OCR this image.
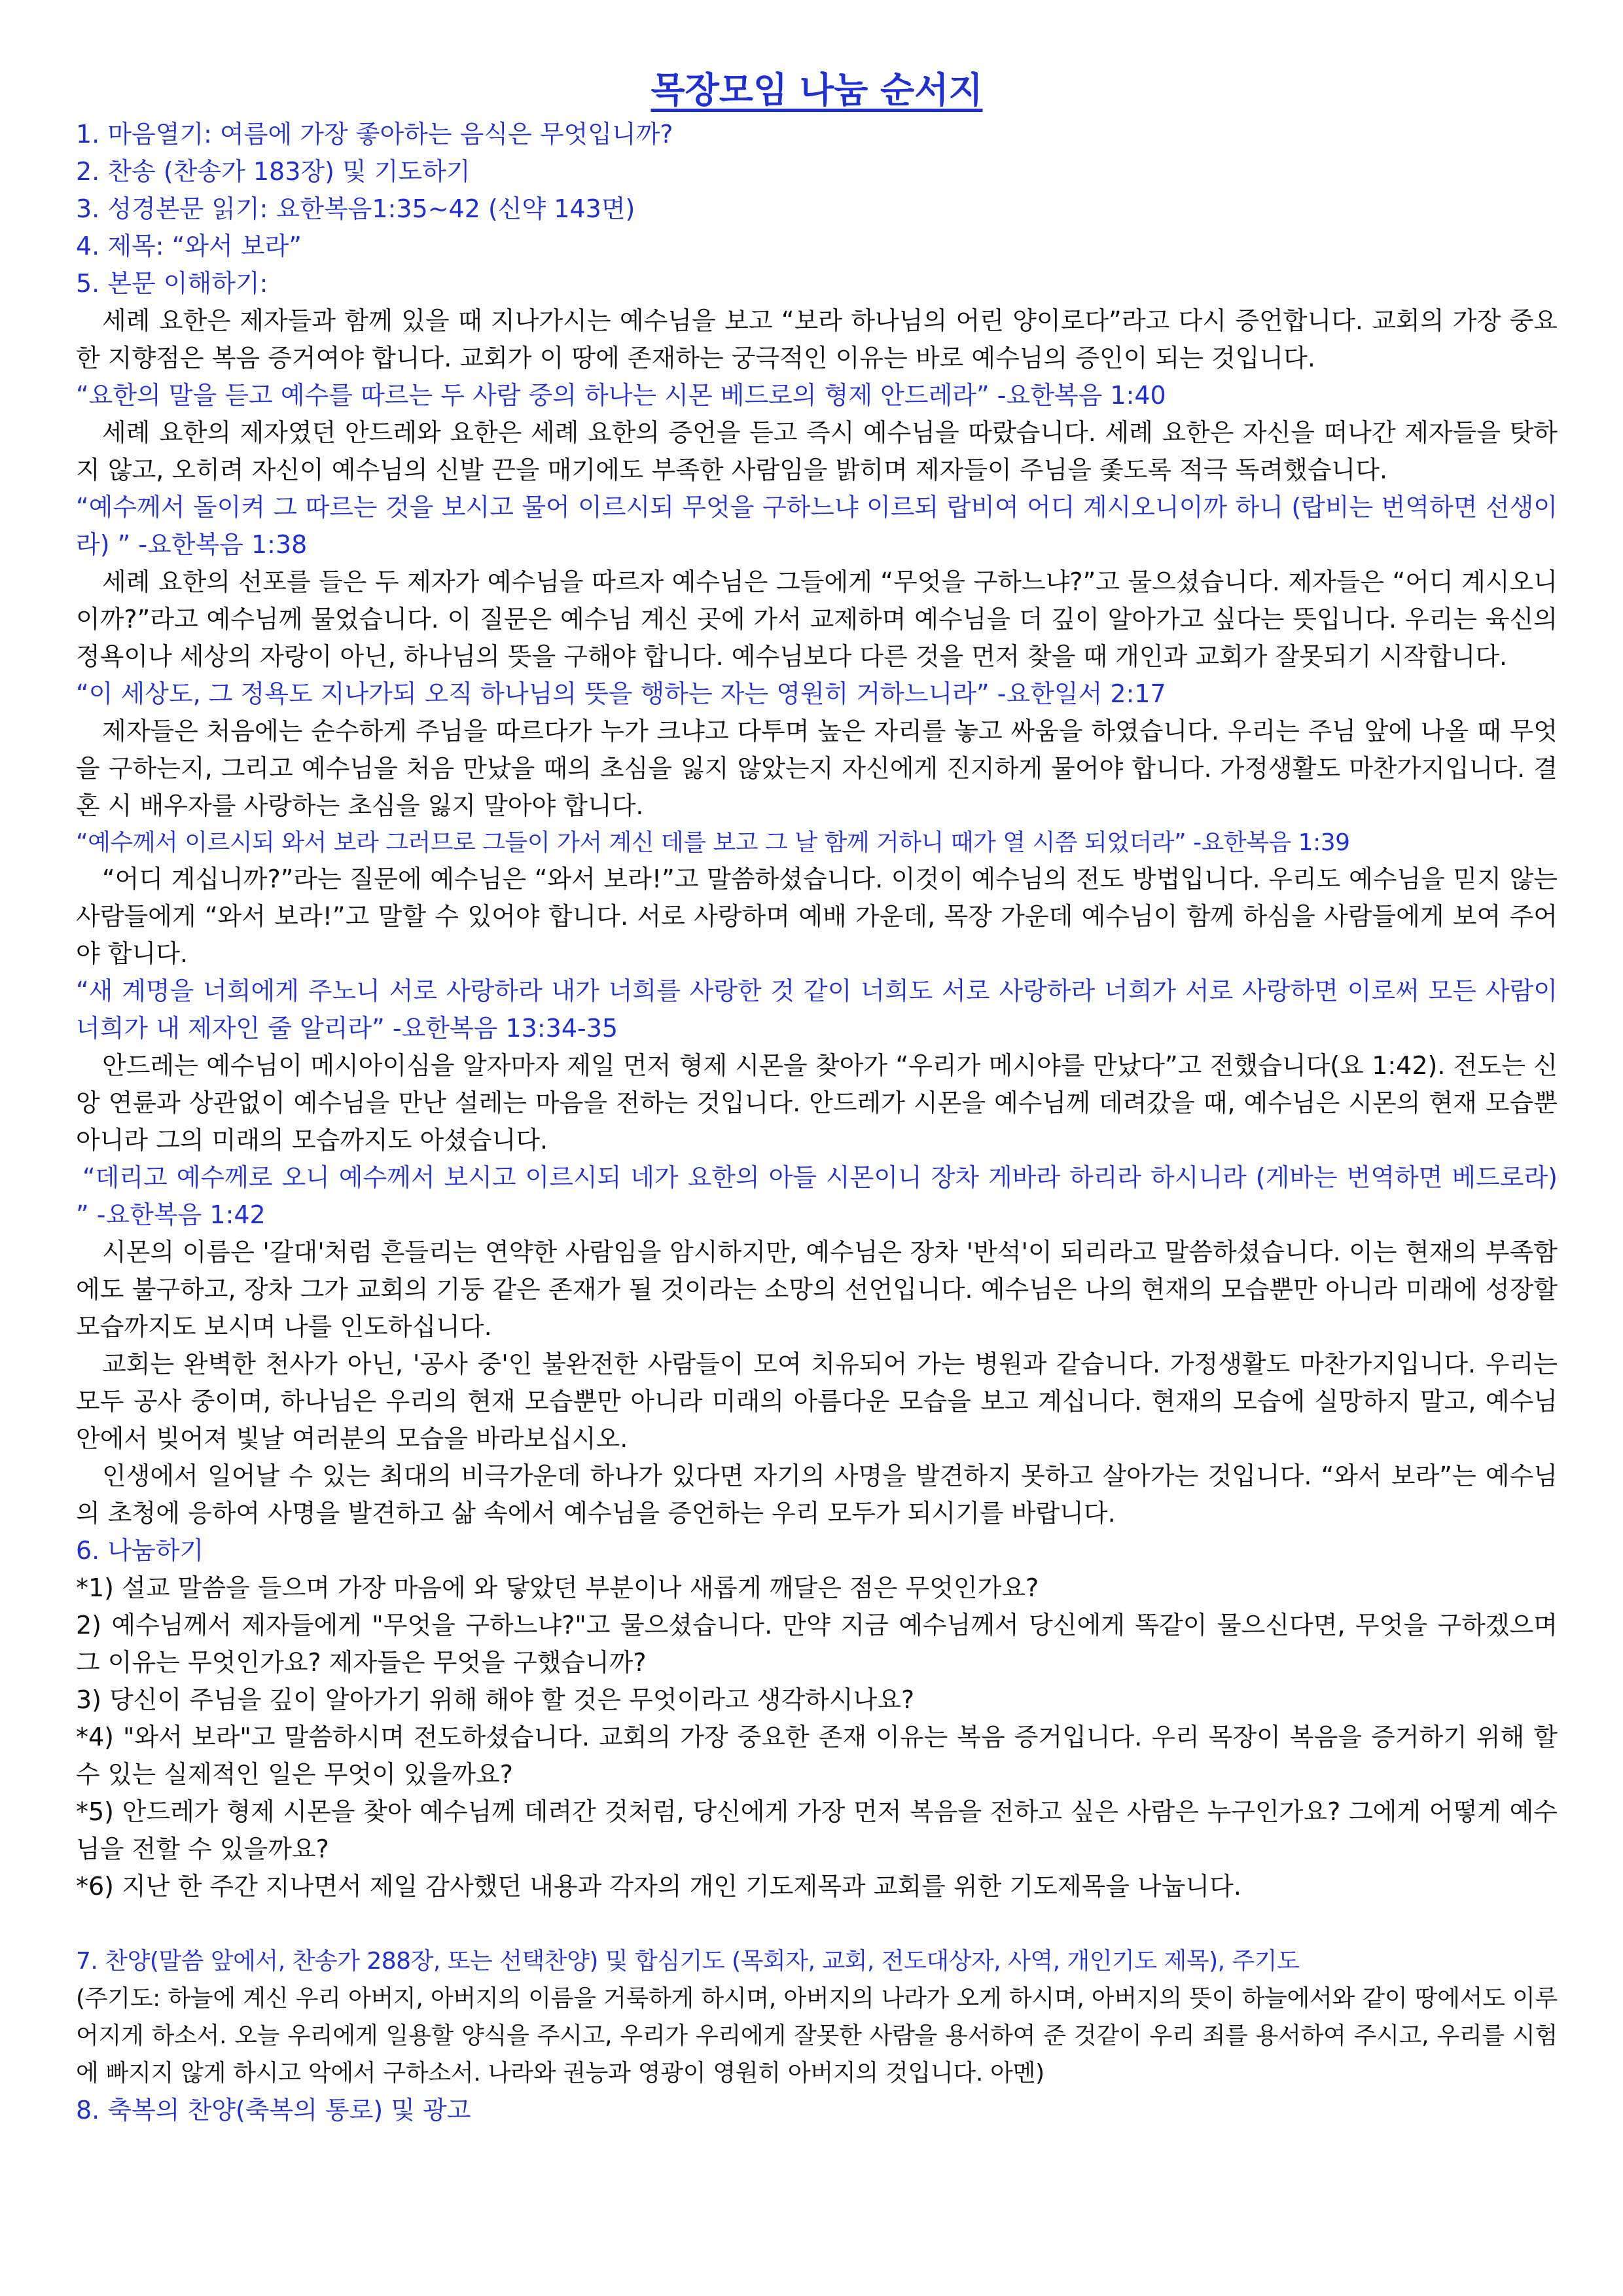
목장모임 나눔 순서지

1. 마음열기: 여름에 가장 좋아하는 음식은 무엇입니까?

2. 찬송 (찬송가 183장) 및 기도하기

3. 성경본문 읽기: 요한복음1:35~42 (신약 143면)

4. 제목: “와서 보라”

5. 본문 이해하기:

세례 요한은 제자들과 함께 있을 때 지나가시는 예수님을 보고 “보라 하나님의 어린 양이로다”라고 다시 증언합니다. 교회의 가장 중요한 지향점은 복음 증거여야 합니다. 교회가 이 땅에 존재하는 궁극적인 이유는 바로 예수님의 증인이 되는 것입니다.

“요한의 말을 듣고 예수를 따르는 두 사람 중의 하나는 시몬 베드로의 형제 안드레라” -요한복음 1:40

세례 요한의 제자였던 안드레와 요한은 세례 요한의 증언을 듣고 즉시 예수님을 따랐습니다. 세례 요한은 자신을 떠나간 제자들을 탓하지 않고, 오히려 자신이 예수님의 신발 끈을 매기에도 부족한 사람임을 밝히며 제자들이 주님을 좇도록 적극 독려했습니다.

“예수께서 돌이켜 그 따르는 것을 보시고 물어 이르시되 무엇을 구하느냐 이르되 랍비여 어디 계시오니이까 하니 (랍비는 번역하면 선생이라) ” -요한복음 1:38

세례 요한의 선포를 들은 두 제자가 예수님을 따르자 예수님은 그들에게 “무엇을 구하느냐?”고 물으셨습니다. 제자들은 “어디 계시오니이까?”라고 예수님께 물었습니다. 이 질문은 예수님 계신 곳에 가서 교제하며 예수님을 더 깊이 알아가고 싶다는 뜻입니다. 우리는 육신의 정욕이나 세상의 자랑이 아닌, 하나님의 뜻을 구해야 합니다. 예수님보다 다른 것을 먼저 찾을 때 개인과 교회가 잘못되기 시작합니다.

“이 세상도, 그 정욕도 지나가되 오직 하나님의 뜻을 행하는 자는 영원히 거하느니라” -요한일서 2:17

제자들은 처음에는 순수하게 주님을 따르다가 누가 크냐고 다투며 높은 자리를 놓고 싸움을 하였습니다. 우리는 주님 앞에 나올 때 무엇을 구하는지, 그리고 예수님을 처음 만났을 때의 초심을 잃지 않았는지 자신에게 진지하게 물어야 합니다. 가정생활도 마찬가지입니다. 결혼 시 배우자를 사랑하는 초심을 잃지 말아야 합니다.

“예수께서 이르시되 와서 보라 그러므로 그들이 가서 계신 데를 보고 그 날 함께 거하니 때가 열 시쯤 되었더라” -요한복음 1:39

“어디 계십니까?”라는 질문에 예수님은 “와서 보라!”고 말씀하셨습니다. 이것이 예수님의 전도 방법입니다. 우리도 예수님을 믿지 않는 사람들에게 “와서 보라!”고 말할 수 있어야 합니다. 서로 사랑하며 예배 가운데, 목장 가운데 예수님이 함께 하심을 사람들에게 보여 주어야 합니다.

“새 계명을 너희에게 주노니 서로 사랑하라 내가 너희를 사랑한 것 같이 너희도 서로 사랑하라 너희가 서로 사랑하면 이로써 모든 사람이 너희가 내 제자인 줄 알리라” -요한복음 13:34-35

안드레는 예수님이 메시아이심을 알자마자 제일 먼저 형제 시몬을 찾아가 “우리가 메시야를 만났다”고 전했습니다(요 1:42). 전도는 신앙 연륜과 상관없이 예수님을 만난 설레는 마음을 전하는 것입니다. 안드레가 시몬을 예수님께 데려갔을 때, 예수님은 시몬의 현재 모습뿐 아니라 그의 미래의 모습까지도 아셨습니다.

“데리고 예수께로 오니 예수께서 보시고 이르시되 네가 요한의 아들 시몬이니 장차 게바라 하리라 하시니라 (게바는 번역하면 베드로라) ” -요한복음 1:42

시몬의 이름은 '갈대'처럼 흔들리는 연약한 사람임을 암시하지만, 예수님은 장차 '반석'이 되리라고 말씀하셨습니다. 이는 현재의 부족함에도 불구하고, 장차 그가 교회의 기둥 같은 존재가 될 것이라는 소망의 선언입니다. 예수님은 나의 현재의 모습뿐만 아니라 미래에 성장할 모습까지도 보시며 나를 인도하십니다.

교회는 완벽한 천사가 아닌, '공사 중'인 불완전한 사람들이 모여 치유되어 가는 병원과 같습니다. 가정생활도 마찬가지입니다. 우리는 모두 공사 중이며, 하나님은 우리의 현재 모습뿐만 아니라 미래의 아름다운 모습을 보고 계십니다. 현재의 모습에 실망하지 말고, 예수님 안에서 빚어져 빛날 여러분의 모습을 바라보십시오.

인생에서 일어날 수 있는 최대의 비극가운데 하나가 있다면 자기의 사명을 발견하지 못하고 살아가는 것입니다. “와서 보라”는 예수님의 초청에 응하여 사명을 발견하고 삶 속에서 예수님을 증언하는 우리 모두가 되시기를 바랍니다.

6. 나눔하기

*1) 설교 말씀을 들으며 가장 마음에 와 닿았던 부분이나 새롭게 깨달은 점은 무엇인가요?

2) 예수님께서 제자들에게 "무엇을 구하느냐?"고 물으셨습니다. 만약 지금 예수님께서 당신에게 똑같이 물으신다면, 무엇을 구하겠으며 그 이유는 무엇인가요? 제자들은 무엇을 구했습니까?

3) 당신이 주님을 깊이 알아가기 위해 해야 할 것은 무엇이라고 생각하시나요?

*4) "와서 보라"고 말씀하시며 전도하셨습니다. 교회의 가장 중요한 존재 이유는 복음 증거입니다. 우리 목장이 복음을 증거하기 위해 할 수 있는 실제적인 일은 무엇이 있을까요?

*5) 안드레가 형제 시몬을 찾아 예수님께 데려간 것처럼, 당신에게 가장 먼저 복음을 전하고 싶은 사람은 누구인가요? 그에게 어떻게 예수님을 전할 수 있을까요?

*6) 지난 한 주간 지나면서 제일 감사했던 내용과 각자의 개인 기도제목과 교회를 위한 기도제목을 나눕니다.

7. 찬양(말씀 앞에서, 찬송가 288장, 또는 선택찬양) 및 합심기도 (목회자, 교회, 전도대상자, 사역, 개인기도 제목), 주기도

(주기도: 하늘에 계신 우리 아버지, 아버지의 이름을 거룩하게 하시며, 아버지의 나라가 오게 하시며, 아버지의 뜻이 하늘에서와 같이 땅에서도 이루어지게 하소서. 오늘 우리에게 일용할 양식을 주시고, 우리가 우리에게 잘못한 사람을 용서하여 준 것같이 우리 죄를 용서하여 주시고, 우리를 시험에 빠지지 않게 하시고 악에서 구하소서. 나라와 권능과 영광이 영원히 아버지의 것입니다. 아멘)

8. 축복의 찬양(축복의 통로) 및 광고
